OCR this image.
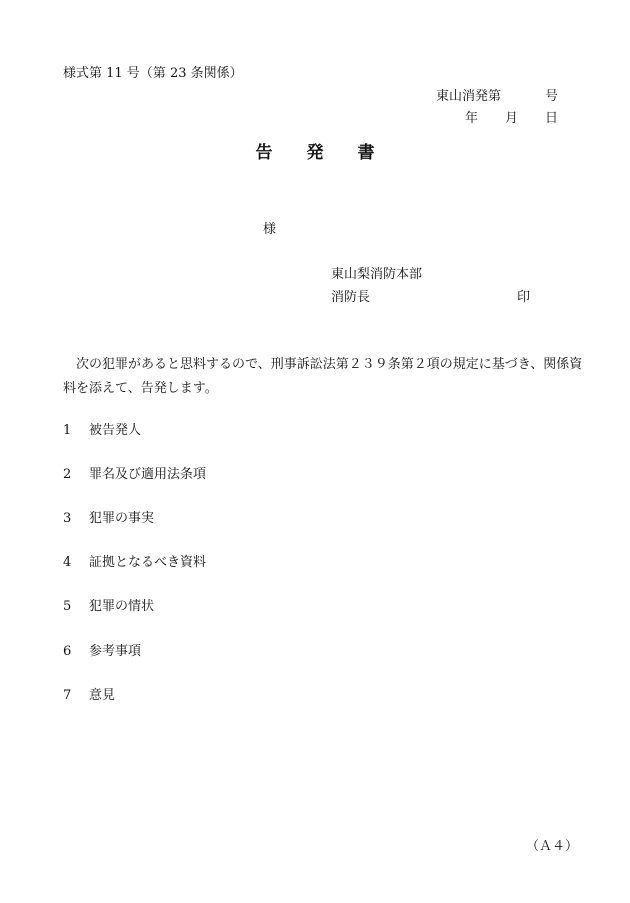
様式第 11 号（第 23 条関係）
東山消発第	号
年 月 日
告 発 書
様
東山梨消防本部
消防長	印
次の犯罪があると思料するので、刑事訴訟法第２３９条第２項の規定に基づき、関係資料を添えて、告発します。
1 被告発人
2 罪名及び適用法条項
3 犯罪の事実
4 証拠となるべき資料
5 犯罪の情状
6 参考事項
7 意見
（Ａ４）
